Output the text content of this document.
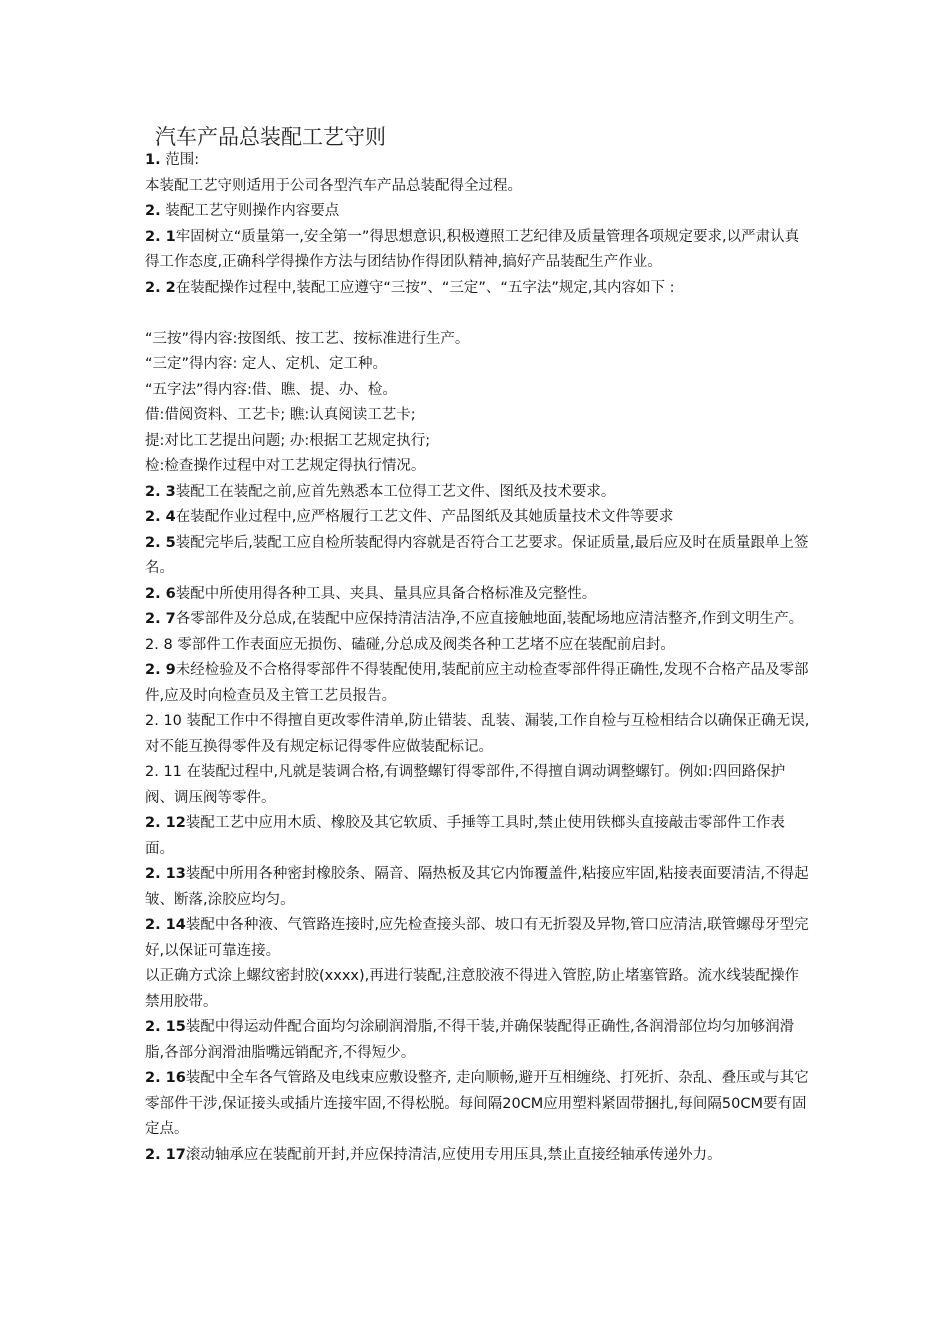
汽车产品总装配工艺守则

1. 范围:

本装配工艺守则适用于公司各型汽车产品总装配得全过程。

2. 装配工艺守则操作内容要点

2. 1牢固树立“质量第一,安全第一”得思想意识,积极遵照工艺纪律及质量管理各项规定要求,以严肃认真得工作态度,正确科学得操作方法与团结协作得团队精神,搞好产品装配生产作业。

2. 2在装配操作过程中,装配工应遵守“三按”、“三定”、“五字法”规定,其内容如下 :

“三按”得内容:按图纸、按工艺、按标准进行生产。

“三定”得内容: 定人、定机、定工种。

“五字法”得内容:借、瞧、提、办、检。

借:借阅资料、工艺卡; 瞧:认真阅读工艺卡;

提:对比工艺提出问题; 办:根据工艺规定执行;

检:检查操作过程中对工艺规定得执行情况。

2. 3装配工在装配之前,应首先熟悉本工位得工艺文件、图纸及技术要求。

2. 4在装配作业过程中,应严格履行工艺文件、产品图纸及其她质量技术文件等要求

2. 5装配完毕后,装配工应自检所装配得内容就是否符合工艺要求。保证质量,最后应及时在质量跟单上签名。

2. 6装配中所使用得各种工具、夹具、量具应具备合格标准及完整性。

2. 7各零部件及分总成,在装配中应保持清洁洁净,不应直接触地面,装配场地应清洁整齐,作到文明生产。

2. 8 零部件工作表面应无损伤、磕碰,分总成及阀类各种工艺堵不应在装配前启封。

2. 9未经检验及不合格得零部件不得装配使用,装配前应主动检查零部件得正确性,发现不合格产品及零部件,应及时向检查员及主管工艺员报告。

2. 10 装配工作中不得擅自更改零件清单,防止错装、乱装、漏装,工作自检与互检相结合以确保正确无误,对不能互换得零件及有规定标记得零件应做装配标记。

2. 11 在装配过程中,凡就是装调合格,有调整螺钉得零部件,不得擅自调动调整螺钉。例如:四回路保护阀、调压阀等零件。

2. 12装配工艺中应用木质、橡胶及其它软质、手捶等工具时,禁止使用铁榔头直接敲击零部件工作表面。

2. 13装配中所用各种密封橡胶条、隔音、隔热板及其它内饰覆盖件,粘接应牢固,粘接表面要清洁,不得起皱、断落,涂胶应均匀。

2. 14装配中各种液、气管路连接时,应先检查接头部、坡口有无折裂及异物,管口应清洁,联管螺母牙型完好,以保证可靠连接。

以正确方式涂上螺纹密封胶(xxxx),再进行装配,注意胶液不得进入管腔,防止堵塞管路。流水线装配操作禁用胶带。

2. 15装配中得运动件配合面均匀涂刷润滑脂,不得干装,并确保装配得正确性,各润滑部位均匀加够润滑脂,各部分润滑油脂嘴远销配齐,不得短少。

2. 16装配中全车各气管路及电线束应敷设整齐, 走向顺畅,避开互相缠绕、打死折、杂乱、叠压或与其它零部件干涉,保证接头或插片连接牢固,不得松脱。每间隔20CM应用塑料紧固带捆扎,每间隔50CM要有固定点。

2. 17滚动轴承应在装配前开封,并应保持清洁,应使用专用压具,禁止直接经轴承传递外力。
